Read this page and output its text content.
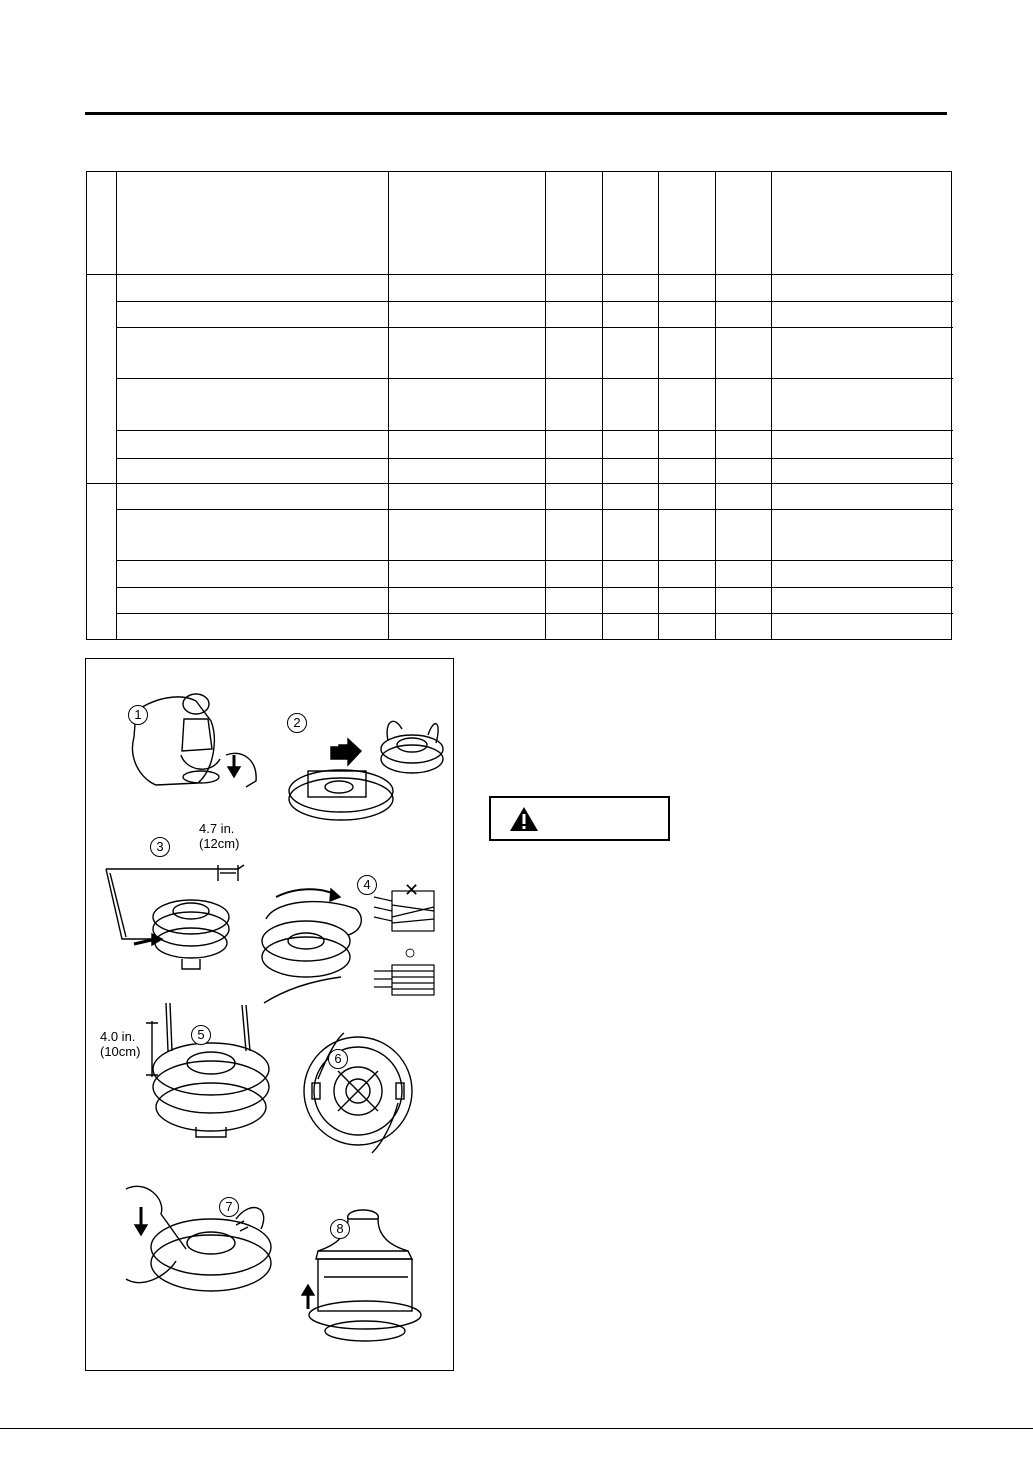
1
2
3
4
5
6
7
8
4.7 in.
(12cm)
4.0 in.
(10cm)
✕
○
